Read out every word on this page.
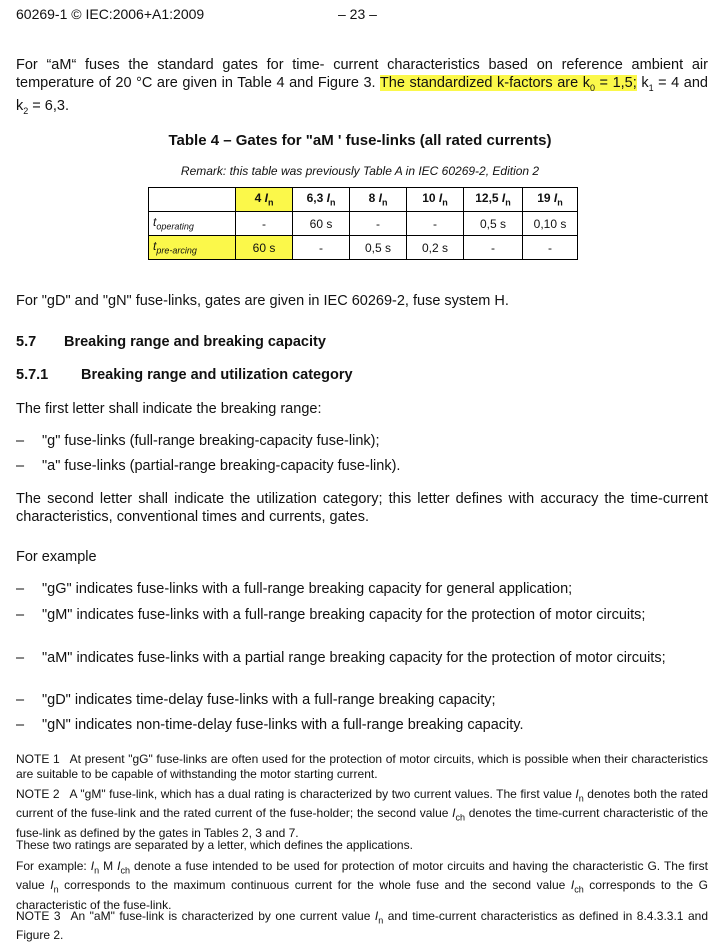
60269-1 © IEC:2006+A1:2009	– 23 –
For “aM“ fuses the standard gates for time- current characteristics based on reference ambient air temperature of 20 °C are given in Table 4 and Figure 3. The standardized k-factors are $k_0 = 1,5$; $k_1 = 4$ and $k_2 = 6,3$.
Table 4 – Gates for "aM ' fuse-links (all rated currents)
Remark: this table was previously Table A in IEC 60269-2, Edition 2
	4 $I_n$	6,3 $I_n$	8 $I_n$	10 $I_n$	12,5 $I_n$	19 $I_n$
$t_{operating}$	-	60 s	-	-	0,5 s	0,10 s
$t_{pre-arcing}$	60 s	-	0,5 s	0,2 s	-	-
For "gD" and "gN" fuse-links, gates are given in IEC 60269-2, fuse system H.
5.7 Breaking range and breaking capacity
5.7.1 Breaking range and utilization category
The first letter shall indicate the breaking range:
– "g" fuse-links (full-range breaking-capacity fuse-link);
– "a" fuse-links (partial-range breaking-capacity fuse-link).
The second letter shall indicate the utilization category; this letter defines with accuracy the time-current characteristics, conventional times and currents, gates.
For example
– "gG" indicates fuse-links with a full-range breaking capacity for general application;
– "gM" indicates fuse-links with a full-range breaking capacity for the protection of motor circuits;
– "aM" indicates fuse-links with a partial range breaking capacity for the protection of motor circuits;
– "gD" indicates time-delay fuse-links with a full-range breaking capacity;
– "gN" indicates non-time-delay fuse-links with a full-range breaking capacity.
NOTE 1 At present "gG" fuse-links are often used for the protection of motor circuits, which is possible when their characteristics are suitable to be capable of withstanding the motor starting current.
NOTE 2 A "gM" fuse-link, which has a dual rating is characterized by two current values. The first value $I_n$ denotes both the rated current of the fuse-link and the rated current of the fuse-holder; the second value $I_{ch}$ denotes the time-current characteristic of the fuse-link as defined by the gates in Tables 2, 3 and 7.
These two ratings are separated by a letter, which defines the applications.
For example: $I_n$ M $I_{ch}$ denote a fuse intended to be used for protection of motor circuits and having the characteristic G. The first value $I_n$ corresponds to the maximum continuous current for the whole fuse and the second value $I_{ch}$ corresponds to the G characteristic of the fuse-link.
NOTE 3 An "aM" fuse-link is characterized by one current value $I_n$ and time-current characteristics as defined in 8.4.3.3.1 and Figure 2.
